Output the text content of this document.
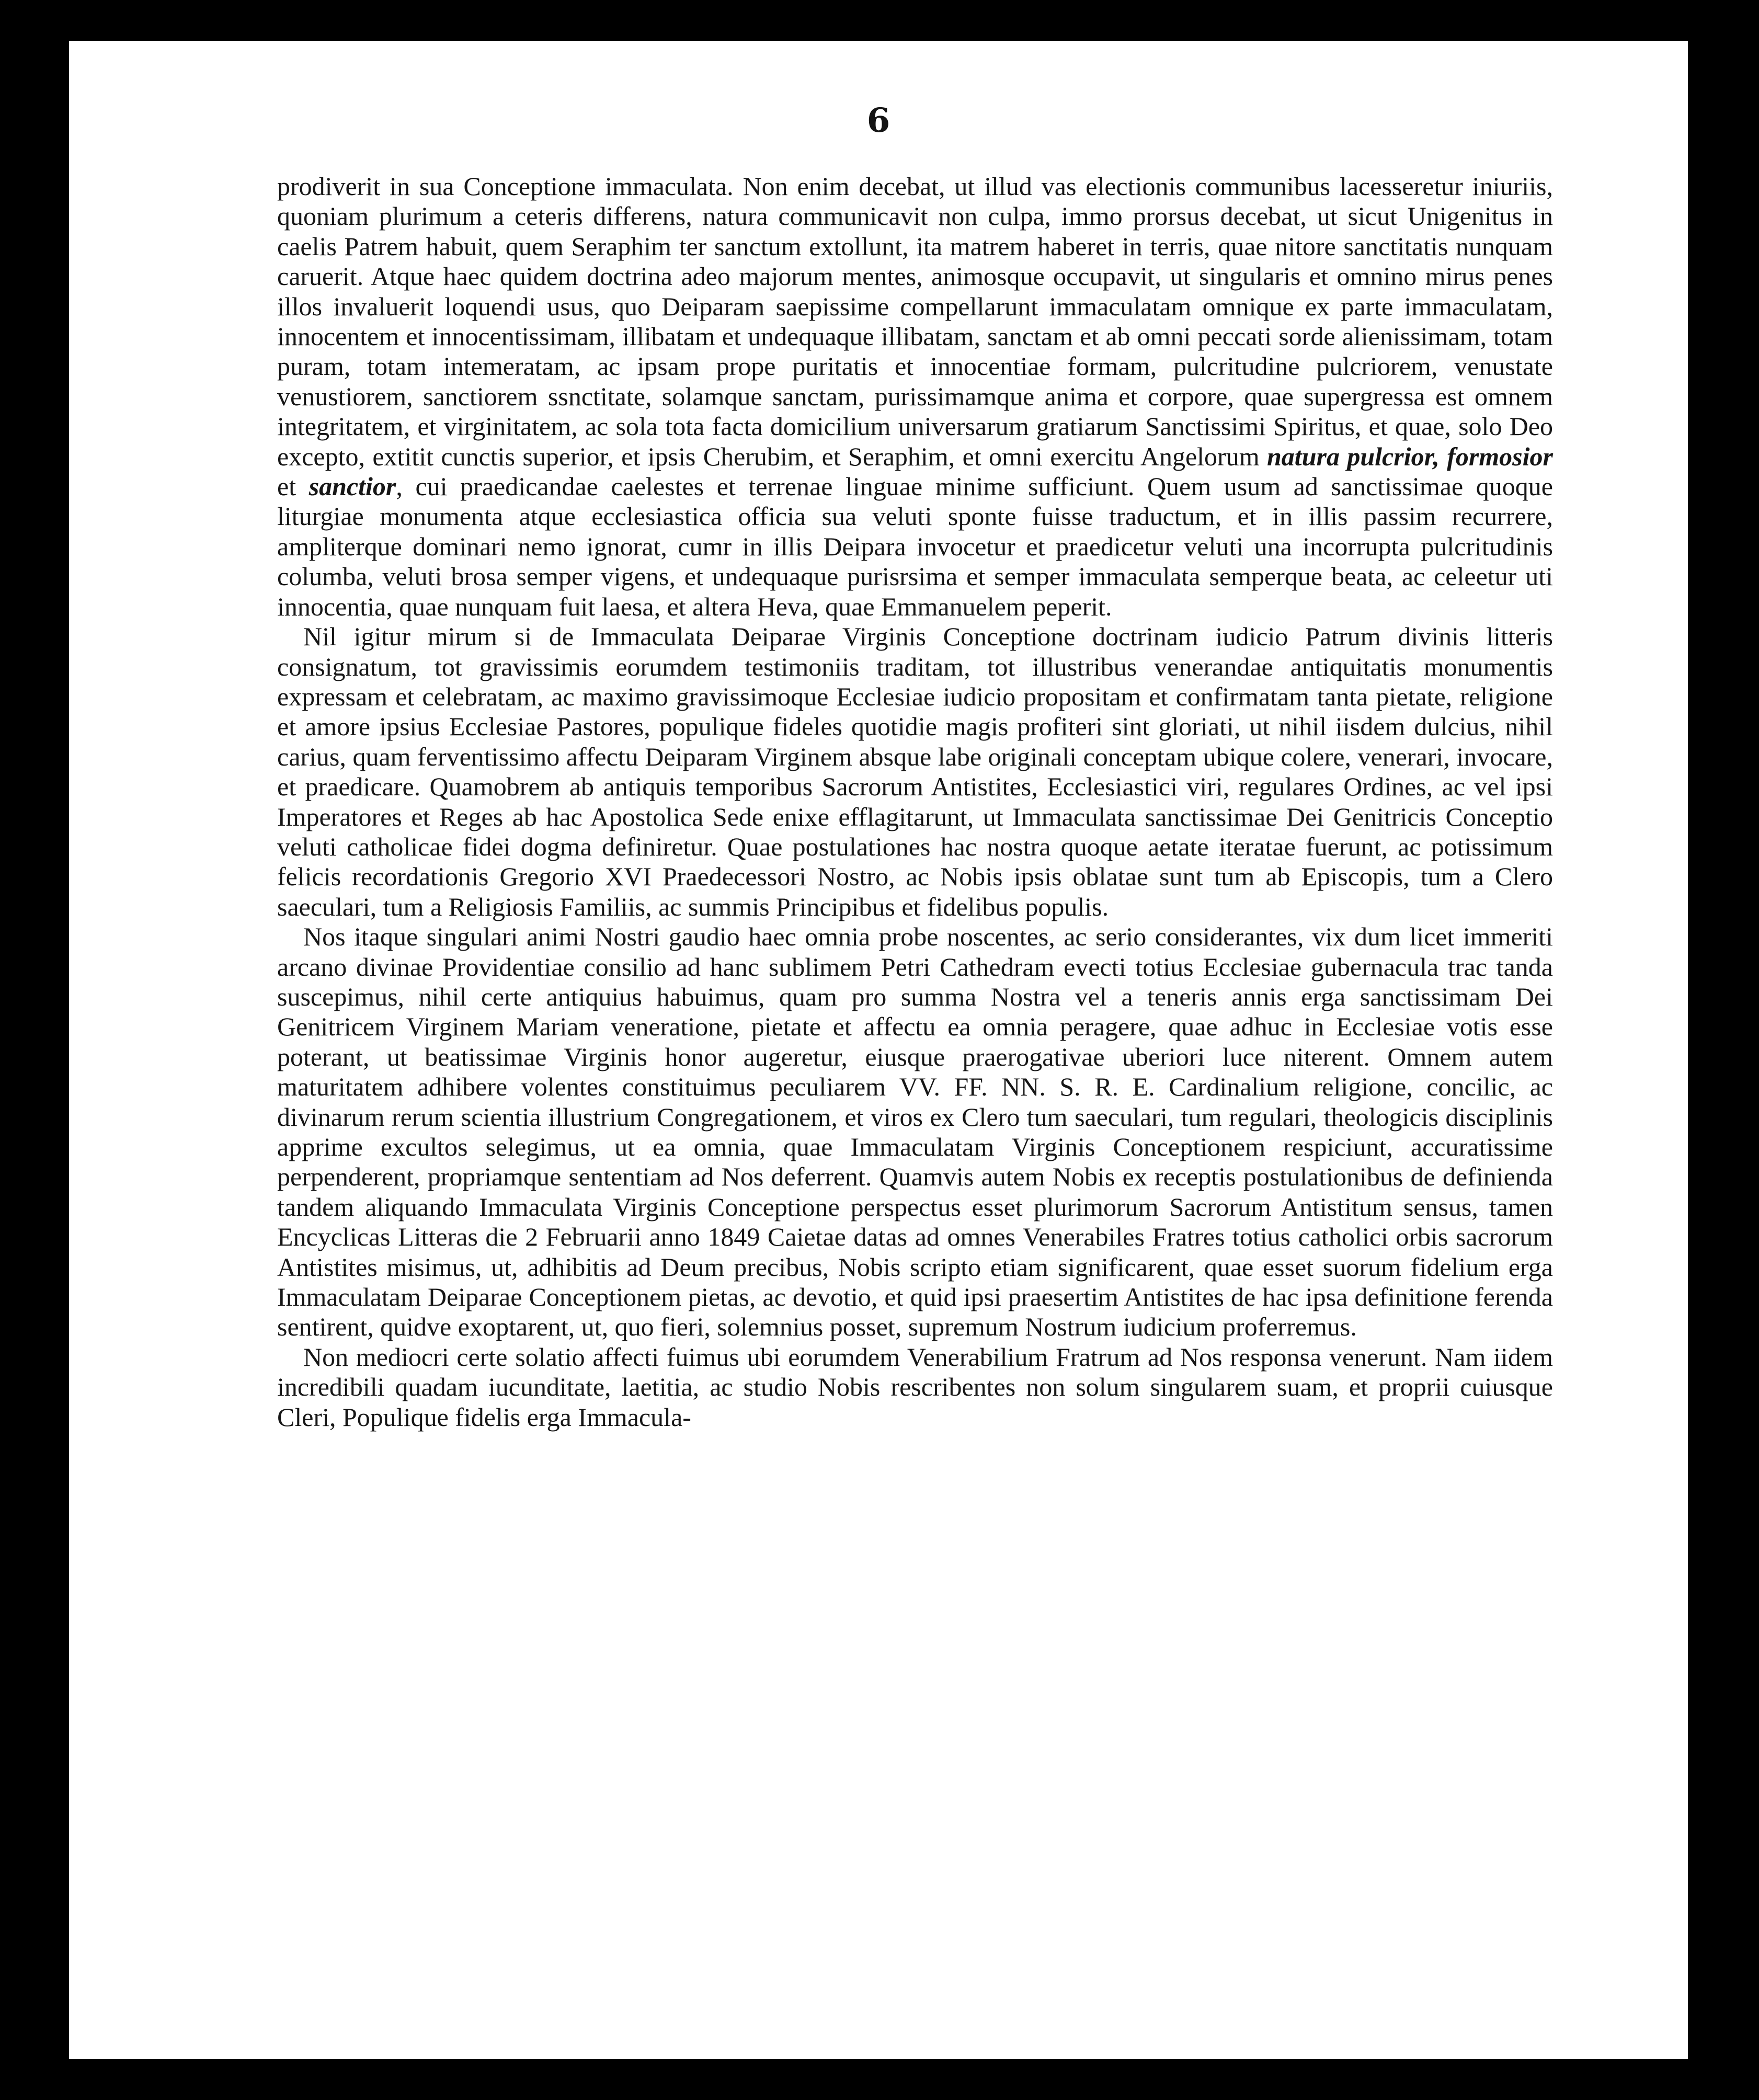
6

prodiverit in sua Conceptione immaculata. Non enim decebat, ut illud vas electionis communibus lacesseretur iniuriis, quoniam plurimum a ceteris differens, natura communicavit non culpa, immo prorsus decebat, ut sicut Unigenitus in caelis Patrem habuit, quem Seraphim ter sanctum extollunt, ita matrem haberet in terris, quae nitore sanctitatis nunquam caruerit. Atque haec quidem doctrina adeo majorum mentes, animosque occupavit, ut singularis et omnino mirus penes illos invaluerit loquendi usus, quo Deiparam saepissime compellarunt immaculatam omnique ex parte immaculatam, innocentem et innocentissimam, illibatam et undequaque illibatam, sanctam et ab omni peccati sorde alienissimam, totam puram, totam intemeratam, ac ipsam prope puritatis et innocentiae formam, pulcritudine pulcriorem, venustate venustiorem, sanctiorem ssnctitate, solamque sanctam, purissimamque anima et corpore, quae supergressa est omnem integritatem, et virginitatem, ac sola tota facta domicilium universarum gratiarum Sanctissimi Spiritus, et quae, solo Deo excepto, extitit cunctis superior, et ipsis Cherubim, et Seraphim, et omni exercitu Angelorum natura pulcrior, formosior et sanctior, cui praedicandae caelestes et terrenae linguae minime sufficiunt. Quem usum ad sanctissimae quoque liturgiae monumenta atque ecclesiastica officia sua veluti sponte fuisse traductum, et in illis passim recurrere, ampliterque dominari nemo ignorat, cumr in illis Deipara invocetur et praedicetur veluti una incorrupta pulcritudinis columba, veluti brosa semper vigens, et undequaque purisrsima et semper immaculata semperque beata, ac celeetur uti innocentia, quae nunquam fuit laesa, et altera Heva, quae Emmanuelem peperit.

Nil igitur mirum si de Immaculata Deiparae Virginis Conceptione doctrinam iudicio Patrum divinis litteris consignatum, tot gravissimis eorumdem testimoniis traditam, tot illustribus venerandae antiquitatis monumentis expressam et celebratam, ac maximo gravissimoque Ecclesiae iudicio propositam et confirmatam tanta pietate, religione et amore ipsius Ecclesiae Pastores, populique fideles quotidie magis profiteri sint gloriati, ut nihil iisdem dulcius, nihil carius, quam ferventissimo affectu Deiparam Virginem absque labe originali conceptam ubique colere, venerari, invocare, et praedicare. Quamobrem ab antiquis temporibus Sacrorum Antistites, Ecclesiastici viri, regulares Ordines, ac vel ipsi Imperatores et Reges ab hac Apostolica Sede enixe efflagitarunt, ut Immaculata sanctissimae Dei Genitricis Conceptio veluti catholicae fidei dogma definiretur. Quae postulationes hac nostra quoque aetate iteratae fuerunt, ac potissimum felicis recordationis Gregorio XVI Praedecessori Nostro, ac Nobis ipsis oblatae sunt tum ab Episcopis, tum a Clero saeculari, tum a Religiosis Familiis, ac summis Principibus et fidelibus populis.

Nos itaque singulari animi Nostri gaudio haec omnia probe noscentes, ac serio considerantes, vix dum licet immeriti arcano divinae Providentiae consilio ad hanc sublimem Petri Cathedram evecti totius Ecclesiae gubernacula trac tanda suscepimus, nihil certe antiquius habuimus, quam pro summa Nostra vel a teneris annis erga sanctissimam Dei Genitricem Virginem Mariam veneratione, pietate et affectu ea omnia peragere, quae adhuc in Ecclesiae votis esse poterant, ut beatissimae Virginis honor augeretur, eiusque praerogativae uberiori luce niterent. Omnem autem maturitatem adhibere volentes constituimus peculiarem VV. FF. NN. S. R. E. Cardinalium religione, concilic, ac divinarum rerum scientia illustrium Congregationem, et viros ex Clero tum saeculari, tum regulari, theologicis disciplinis apprime excultos selegimus, ut ea omnia, quae Immaculatam Virginis Conceptionem respiciunt, accuratissime perpenderent, propriamque sententiam ad Nos deferrent. Quamvis autem Nobis ex receptis postulationibus de definienda tandem aliquando Immaculata Virginis Conceptione perspectus esset plurimorum Sacrorum Antistitum sensus, tamen Encyclicas Litteras die 2 Februarii anno 1849 Caietae datas ad omnes Venerabiles Fratres totius catholici orbis sacrorum Antistites misimus, ut, adhibitis ad Deum precibus, Nobis scripto etiam significarent, quae esset suorum fidelium erga Immaculatam Deiparae Conceptionem pietas, ac devotio, et quid ipsi praesertim Antistites de hac ipsa definitione ferenda sentirent, quidve exoptarent, ut, quo fieri, solemnius posset, supremum Nostrum iudicium proferremus.

Non mediocri certe solatio affecti fuimus ubi eorumdem Venerabilium Fratrum ad Nos responsa venerunt. Nam iidem incredibili quadam iucunditate, laetitia, ac studio Nobis rescribentes non solum singularem suam, et proprii cuiusque Cleri, Populique fidelis erga Immacula-
